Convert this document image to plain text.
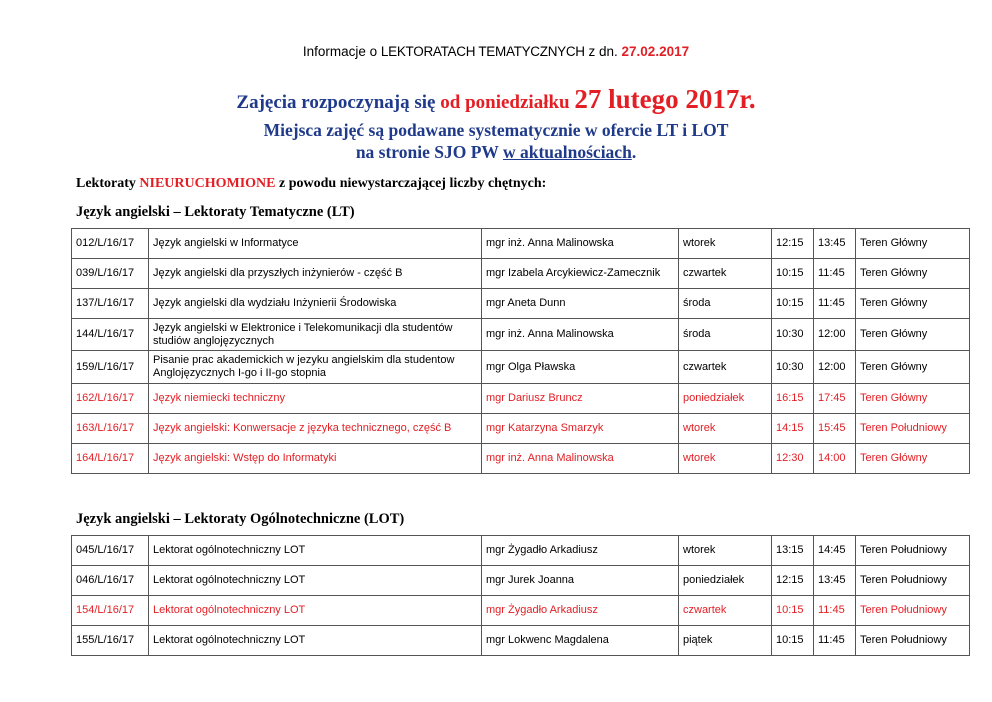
Informacje o LEKTORATACH TEMATYCZNYCH z dn. 27.02.2017
Zajęcia rozpoczynają się od poniedziałku 27 lutego 2017r.
Miejsca zajęć są podawane systematycznie w ofercie LT i LOT
na stronie SJO PW w aktualnościach.
Lektoraty NIEURUCHOMIONE z powodu niewystarczającej liczby chętnych:
Język angielski – Lektoraty Tematyczne (LT)
012/L/16/17	Język angielski w Informatyce	mgr inż. Anna Malinowska	wtorek	12:15	13:45	Teren Główny
039/L/16/17	Język angielski dla przyszłych inżynierów - część B	mgr Izabela Arcykiewicz-Zamecznik	czwartek	10:15	11:45	Teren Główny
137/L/16/17	Język angielski dla wydziału Inżynierii Środowiska	mgr Aneta Dunn	środa	10:15	11:45	Teren Główny
144/L/16/17	Język angielski w Elektronice i Telekomunikacji dla studentów studiów anglojęzycznych	mgr inż. Anna Malinowska	środa	10:30	12:00	Teren Główny
159/L/16/17	Pisanie prac akademickich w jezyku angielskim dla studentow Anglojęzycznych I-go i II-go stopnia	mgr Olga Pławska	czwartek	10:30	12:00	Teren Główny
162/L/16/17	Język niemiecki techniczny	mgr Dariusz Bruncz	poniedziałek	16:15	17:45	Teren Główny
163/L/16/17	Język angielski: Konwersacje z języka technicznego, część B	mgr Katarzyna Smarzyk	wtorek	14:15	15:45	Teren Południowy
164/L/16/17	Język angielski: Wstęp do Informatyki	mgr inż. Anna Malinowska	wtorek	12:30	14:00	Teren Główny
Język angielski – Lektoraty Ogólnotechniczne (LOT)
045/L/16/17	Lektorat ogólnotechniczny LOT	mgr Żygadło Arkadiusz	wtorek	13:15	14:45	Teren Południowy
046/L/16/17	Lektorat ogólnotechniczny LOT	mgr Jurek Joanna	poniedziałek	12:15	13:45	Teren Południowy
154/L/16/17	Lektorat ogólnotechniczny LOT	mgr Żygadło Arkadiusz	czwartek	10:15	11:45	Teren Południowy
155/L/16/17	Lektorat ogólnotechniczny LOT	mgr Lokwenc Magdalena	piątek	10:15	11:45	Teren Południowy
